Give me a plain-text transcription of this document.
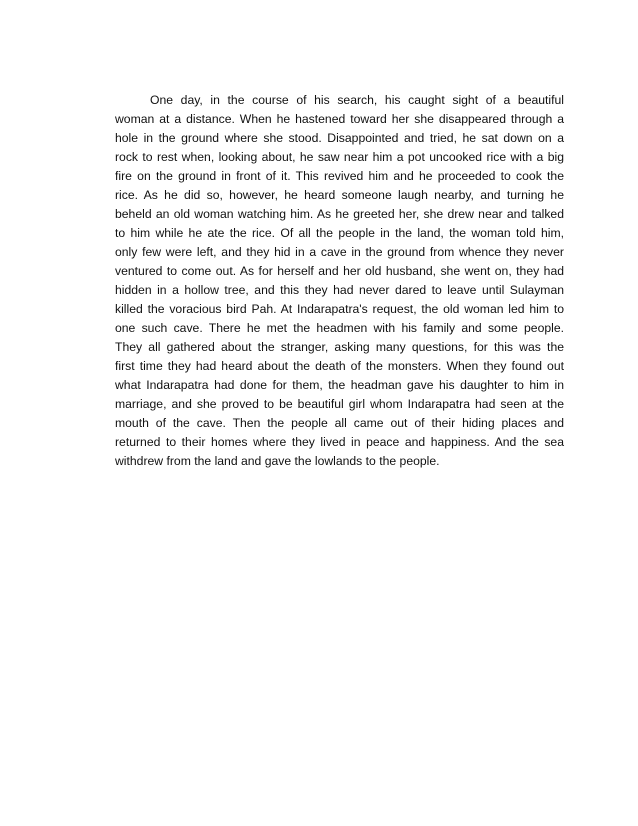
One day, in the course of his search, his caught sight of a beautiful
woman at a distance. When he hastened toward her she disappeared through a
hole in the ground where she stood. Disappointed and tried, he sat down on a
rock to rest when, looking about, he saw near him a pot uncooked rice with a big
fire on the ground in front of it. This revived him and he proceeded to cook the
rice. As he did so, however, he heard someone laugh nearby, and turning he
beheld an old woman watching him. As he greeted her, she drew near and talked
to him while he ate the rice. Of all the people in the land, the woman told him,
only few were left, and they hid in a cave in the ground from whence they never
ventured to come out. As for herself and her old husband, she went on, they had
hidden in a hollow tree, and this they had never dared to leave until Sulayman
killed the voracious bird Pah. At Indarapatra's request, the old woman led him to
one such cave. There he met the headmen with his family and some people.
They all gathered about the stranger, asking many questions, for this was the
first time they had heard about the death of the monsters. When they found out
what Indarapatra had done for them, the headman gave his daughter to him in
marriage, and she proved to be beautiful girl whom Indarapatra had seen at the
mouth of the cave. Then the people all came out of their hiding places and
returned to their homes where they lived in peace and happiness. And the sea
withdrew from the land and gave the lowlands to the people.
